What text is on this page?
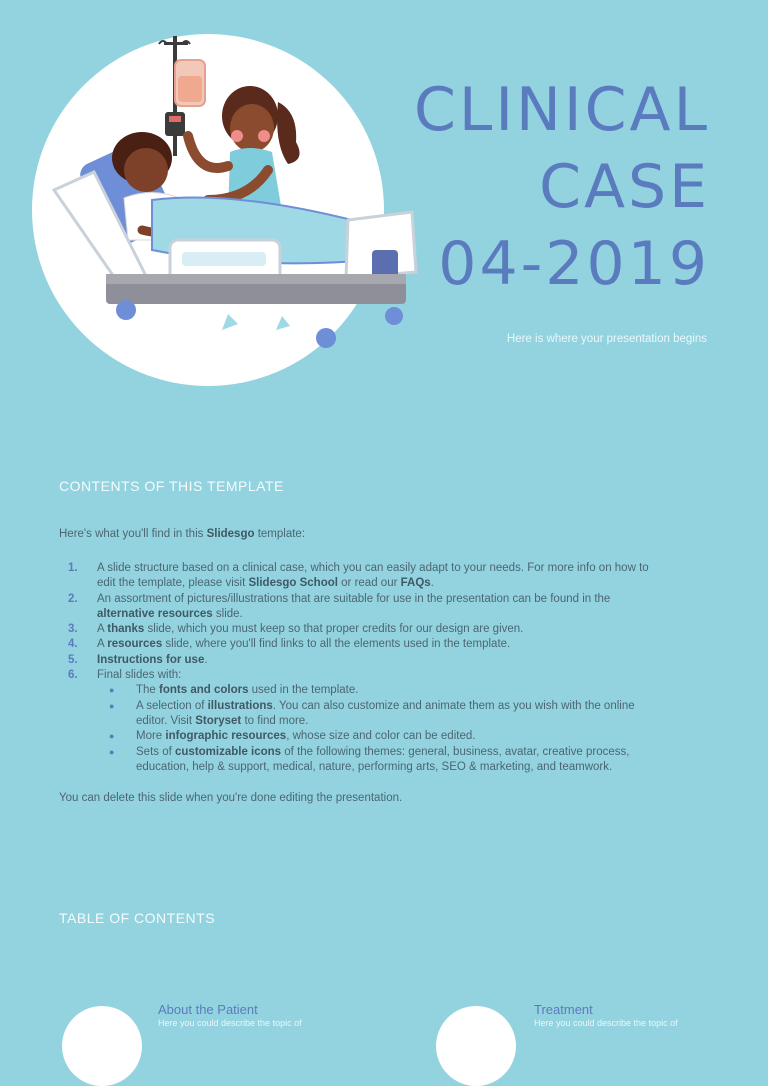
CLINICAL

CASE

04-2019

Here is where your presentation begins
CONTENTS OF THIS TEMPLATE
Here's what you'll find in this Slidesgo template:
1. A slide structure based on a clinical case, which you can easily adapt to your needs. For more info on how to edit the template, please visit Slidesgo School or read our FAQs.
2. An assortment of pictures/illustrations that are suitable for use in the presentation can be found in the alternative resources slide.
3. A thanks slide, which you must keep so that proper credits for our design are given.
4. A resources slide, where you'll find links to all the elements used in the template.
5. Instructions for use.
6. Final slides with:
● The fonts and colors used in the template.
● A selection of illustrations. You can also customize and animate them as you wish with the online editor. Visit Storyset to find more.
● More infographic resources, whose size and color can be edited.
● Sets of customizable icons of the following themes: general, business, avatar, creative process, education, help & support, medical, nature, performing arts, SEO & marketing, and teamwork.
You can delete this slide when you're done editing the presentation.
TABLE OF CONTENTS
About the Patient
Here you could describe the topic of
Treatment
Here you could describe the topic of
